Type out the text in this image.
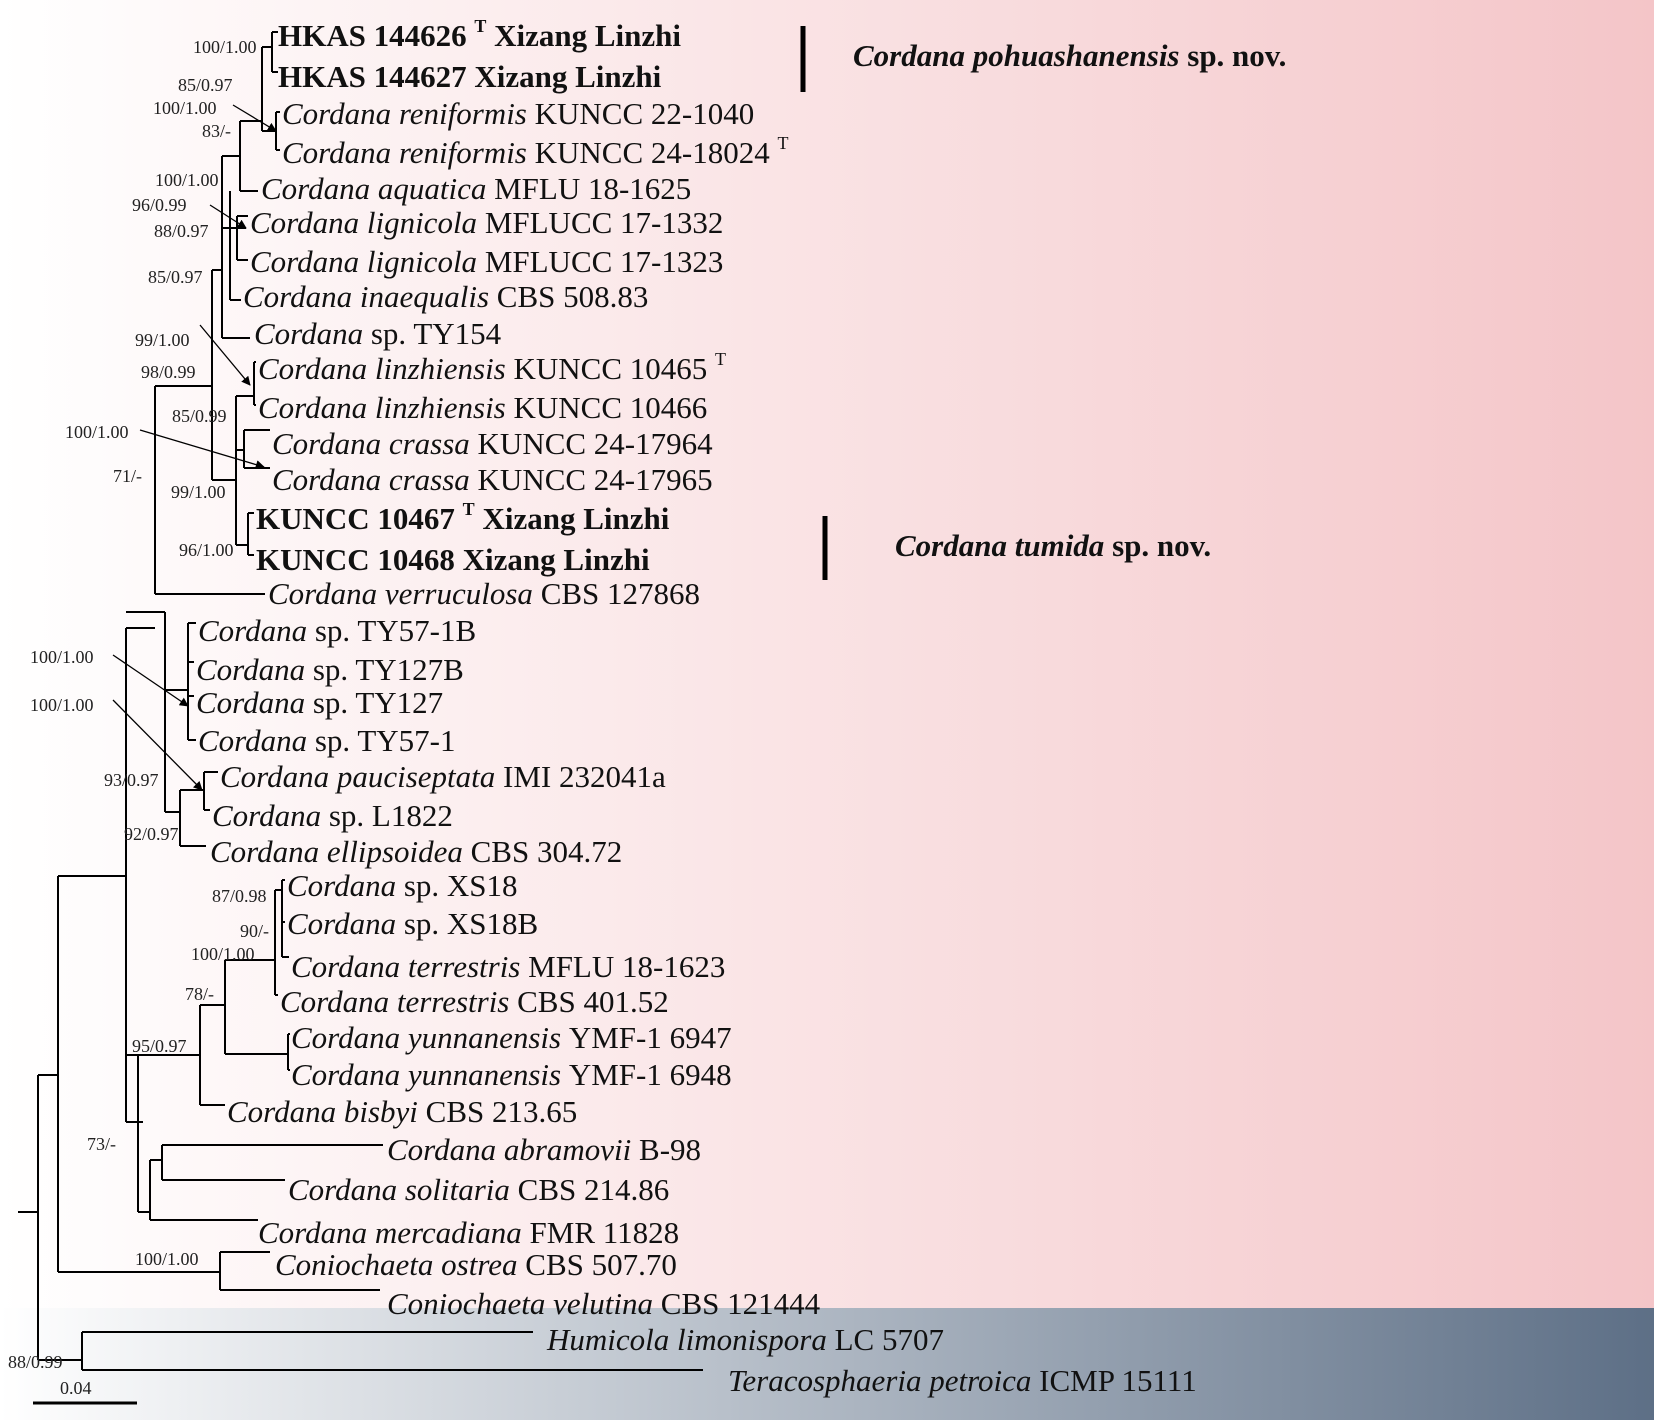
HKAS 144626 $^T$ Xizang Linzhi
HKAS 144627 Xizang Linzhi
Cordana reniformis KUNCC 22-1040
Cordana reniformis KUNCC 24-18024 $^T$
Cordana aquatica MFLU 18-1625
Cordana lignicola MFLUCC 17-1332
Cordana lignicola MFLUCC 17-1323
Cordana inaequalis CBS 508.83
Cordana sp. TY154
Cordana linzhiensis KUNCC 10465 $^T$
Cordana linzhiensis KUNCC 10466
Cordana crassa KUNCC 24-17964
Cordana crassa KUNCC 24-17965
KUNCC 10467 $^T$ Xizang Linzhi
KUNCC 10468 Xizang Linzhi
Cordana verruculosa CBS 127868
Cordana sp. TY57-1B
Cordana sp. TY127B
Cordana sp. TY127
Cordana sp. TY57-1
Cordana pauciseptata IMI 232041a
Cordana sp. L1822
Cordana ellipsoidea CBS 304.72
Cordana sp. XS18
Cordana sp. XS18B
Cordana terrestris MFLU 18-1623
Cordana terrestris CBS 401.52
Cordana yunnanensis YMF-1 6947
Cordana yunnanensis YMF-1 6948
Cordana bisbyi CBS 213.65
Cordana abramovii B-98
Cordana solitaria CBS 214.86
Cordana mercadiana FMR 11828
Coniochaeta ostrea CBS 507.70
Coniochaeta velutina CBS 121444
Humicola limonispora LC 5707
Teracosphaeria petroica ICMP 15111
100/1.00
85/0.97
100/1.00
83/-
100/1.00
96/0.99
88/0.97
85/0.97
99/1.00
98/0.99
85/0.99
100/1.00
71/-
99/1.00
96/1.00
100/1.00
100/1.00
93/0.97
92/0.97
87/0.98
90/-
100/1.00
78/-
95/0.97
73/-
100/1.00
88/0.99
Cordana pohuashanensis sp. nov.
Cordana tumida sp. nov.
0.04
